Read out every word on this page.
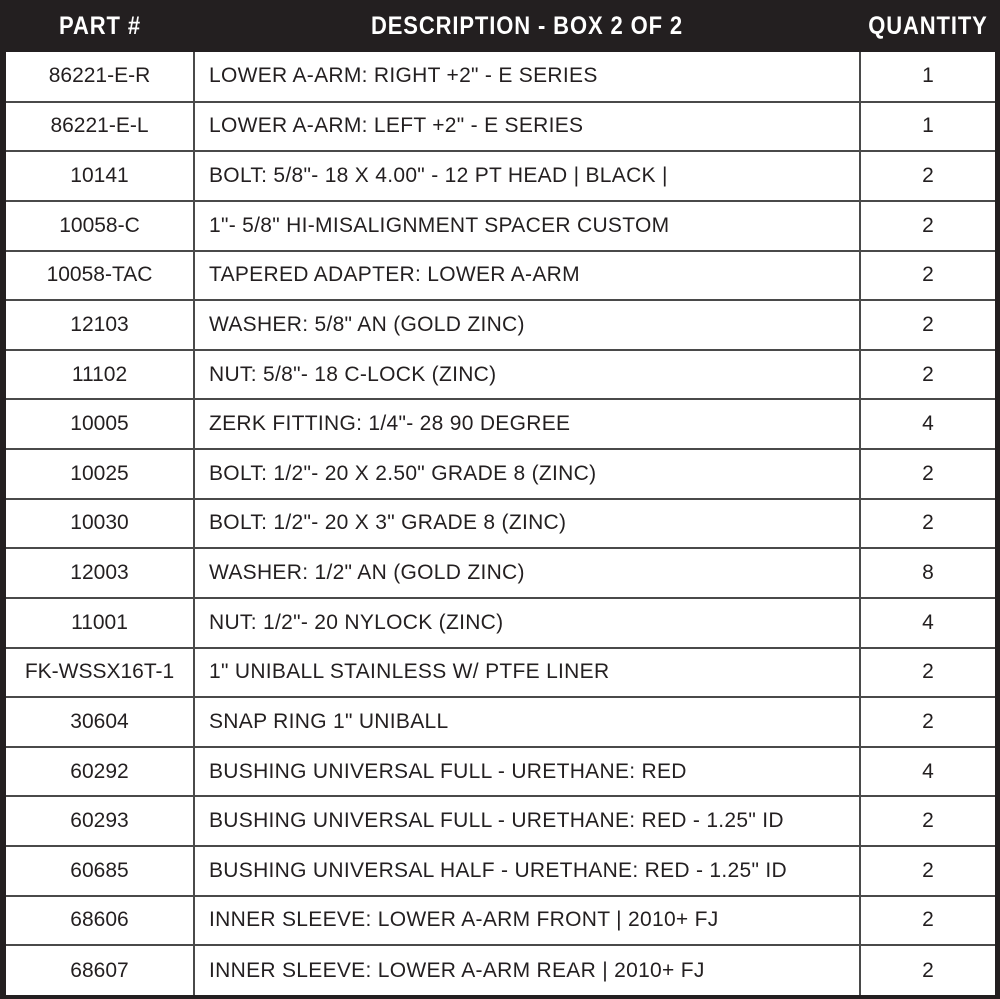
PART #	DESCRIPTION - BOX 2 OF 2	QUANTITY
86221-E-R	LOWER A-ARM: RIGHT +2" - E SERIES	1
86221-E-L	LOWER A-ARM: LEFT +2" - E SERIES	1
10141	BOLT: 5/8"- 18 X 4.00" - 12 PT HEAD | BLACK |	2
10058-C	1"- 5/8" HI-MISALIGNMENT SPACER CUSTOM	2
10058-TAC	TAPERED ADAPTER: LOWER A-ARM	2
12103	WASHER: 5/8" AN (GOLD ZINC)	2
11102	NUT: 5/8"- 18 C-LOCK (ZINC)	2
10005	ZERK FITTING: 1/4"- 28 90 DEGREE	4
10025	BOLT: 1/2"- 20 X 2.50" GRADE 8 (ZINC)	2
10030	BOLT: 1/2"- 20 X 3" GRADE 8 (ZINC)	2
12003	WASHER: 1/2" AN (GOLD ZINC)	8
11001	NUT: 1/2"- 20 NYLOCK (ZINC)	4
FK-WSSX16T-1	1" UNIBALL STAINLESS W/ PTFE LINER	2
30604	SNAP RING 1" UNIBALL	2
60292	BUSHING UNIVERSAL FULL - URETHANE: RED	4
60293	BUSHING UNIVERSAL FULL - URETHANE: RED - 1.25" ID	2
60685	BUSHING UNIVERSAL HALF - URETHANE: RED - 1.25" ID	2
68606	INNER SLEEVE: LOWER A-ARM FRONT | 2010+ FJ	2
68607	INNER SLEEVE: LOWER A-ARM REAR | 2010+ FJ	2
